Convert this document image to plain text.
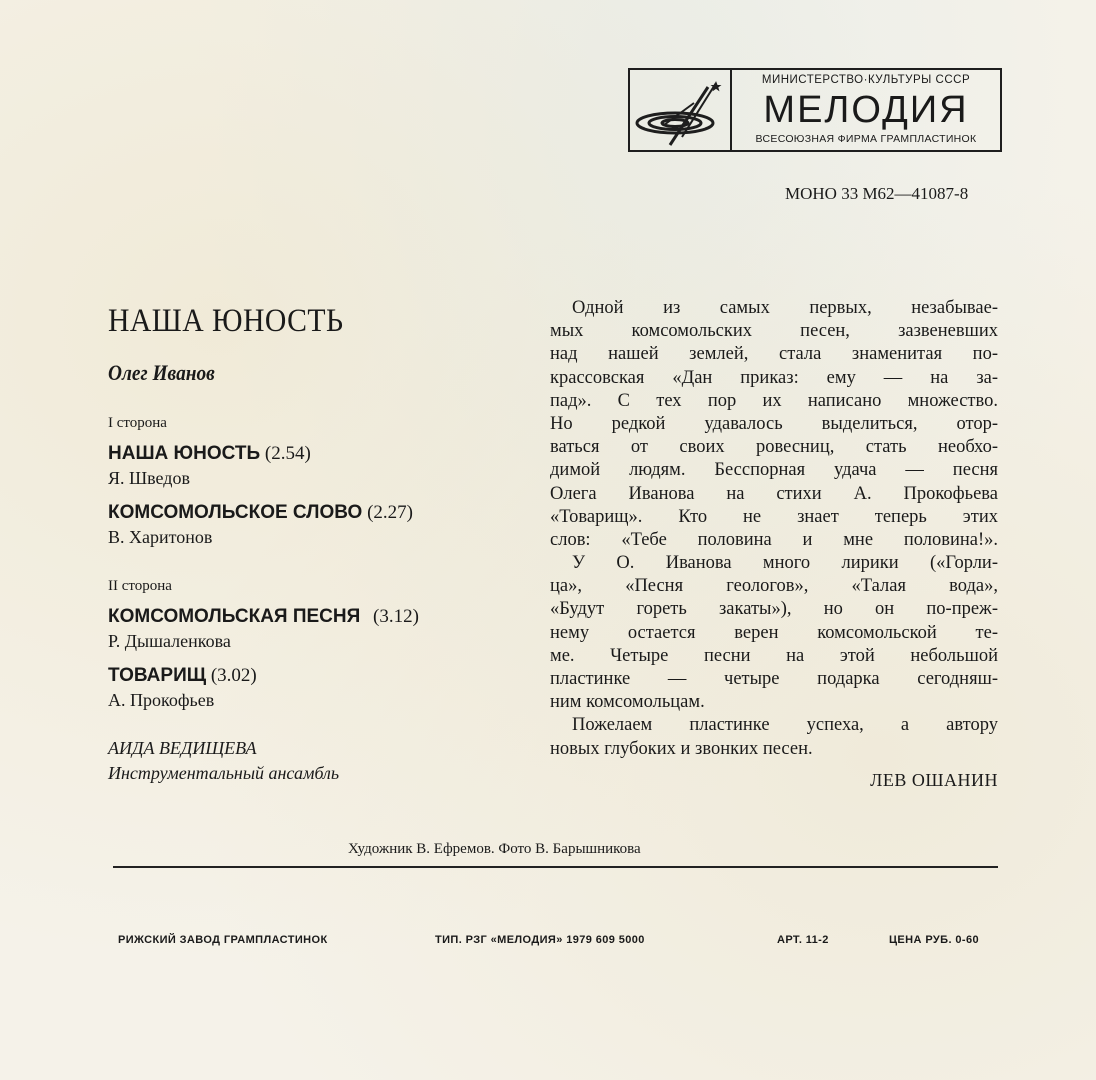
МИНИСТЕРСТВО·КУЛЬТУРЫ СССР
МЕЛОДИЯ
ВСЕСОЮЗНАЯ ФИРМА ГРАМПЛАСТИНОК
МОНО 33 М62—41087-8
НАША ЮНОСТЬ
Олег Иванов
I сторона
НАША ЮНОСТЬ (2.54)
Я. Шведов
КОМСОМОЛЬСКОЕ СЛОВО (2.27)
В. Харитонов
II сторона
КОМСОМОЛЬСКАЯ ПЕСНЯ (3.12)
Р. Дышаленкова
ТОВАРИЩ (3.02)
А. Прокофьев
АИДА ВЕДИЩЕВА
Инструментальный ансамбль
Одной из самых первых, незабывае-
мых комсомольских песен, зазвеневших
над нашей землей, стала знаменитая по-
красcовская «Дан приказ: ему — на за-
пад». С тех пор их написано множество.
Но редкой удавалось выделиться, отор-
ваться от своих ровесниц, стать необхо-
димой людям. Бесспорная удача — песня
Олега Иванова на стихи А. Прокофьева
«Товарищ». Кто не знает теперь этих
слов: «Тебе половина и мне половина!».
У О. Иванова много лирики («Горли-
ца», «Песня геологов», «Талая вода»,
«Будут гореть закаты»), но он по-преж-
нему остается верен комсомольской те-
ме. Четыре песни на этой небольшой
пластинке — четыре подарка сегодняш-
ним комсомольцам.
Пожелаем пластинке успеха, а автору
новых глубоких и звонких песен.
ЛЕВ ОШАНИН
Художник В. Ефремов. Фото В. Барышникова
РИЖСКИЙ ЗАВОД ГРАМПЛАСТИНОК	ТИП. РЗГ «МЕЛОДИЯ» 1979 609 5000	АРТ. 11-2	ЦЕНА РУБ. 0-60
